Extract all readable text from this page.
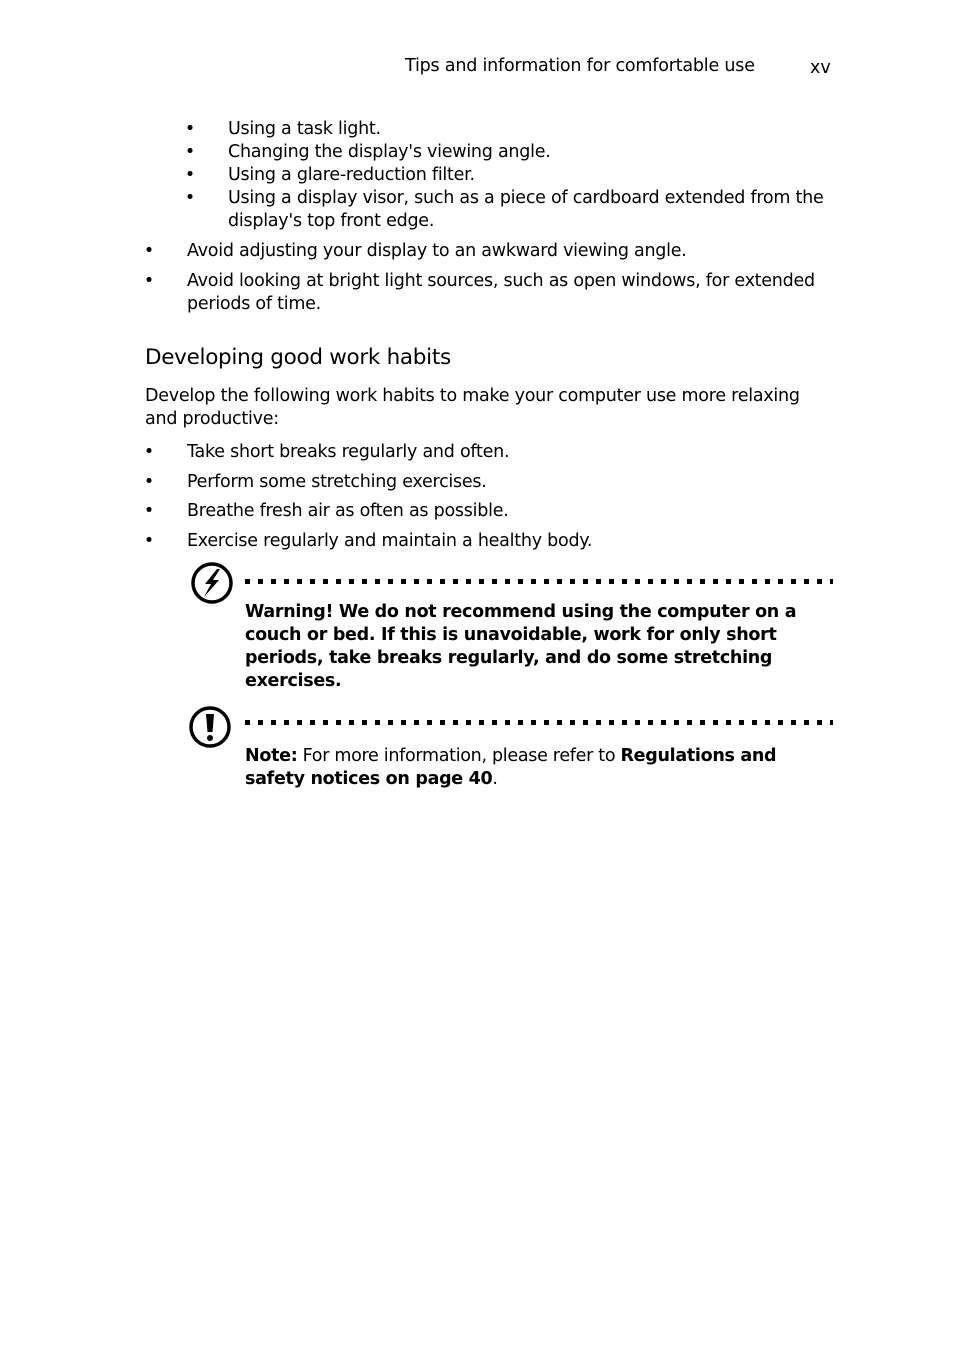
Tips and information for comfortable use	xv
• Using a task light.
• Changing the display's viewing angle.
• Using a glare-reduction filter.
• Using a display visor, such as a piece of cardboard extended from the display's top front edge.
• Avoid adjusting your display to an awkward viewing angle.
• Avoid looking at bright light sources, such as open windows, for extended periods of time.
Developing good work habits
Develop the following work habits to make your computer use more relaxing and productive:
• Take short breaks regularly and often.
• Perform some stretching exercises.
• Breathe fresh air as often as possible.
• Exercise regularly and maintain a healthy body.
Warning! We do not recommend using the computer on a couch or bed. If this is unavoidable, work for only short periods, take breaks regularly, and do some stretching exercises.
Note: For more information, please refer to Regulations and safety notices on page 40.
